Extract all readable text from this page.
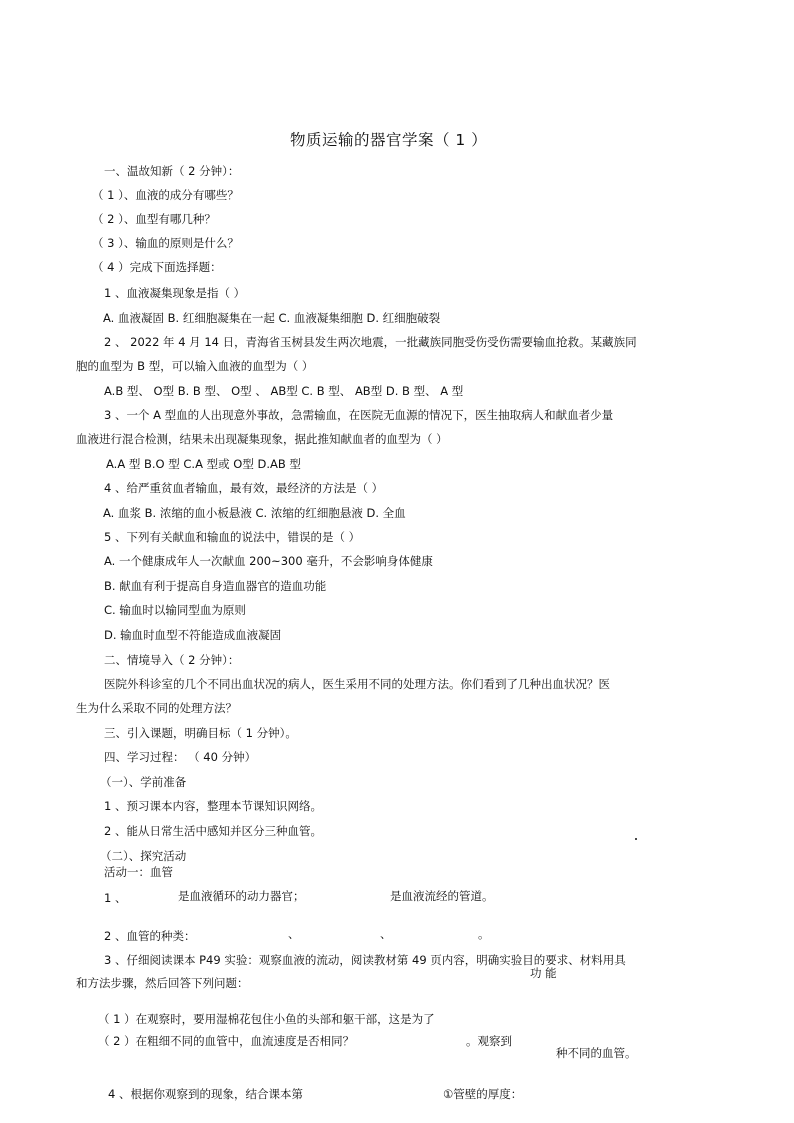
物质运输的器官学案（ 1 ）
一、温故知新（ 2 分钟）：
（ 1 ）、血液的成分有哪些？
（ 2 ）、血型有哪几种？
（ 3 ）、输血的原则是什么？
（ 4 ）完成下面选择题：
1 、血液凝集现象是指（ ）
A. 血液凝固 B. 红细胞凝集在一起 C. 血液凝集细胞 D. 红细胞破裂
2 、 2022 年 4 月 14 日，青海省玉树县发生两次地震，一批藏族同胞受伤受伤需要输血抢救。某藏族同
胞的血型为 B 型，可以输入血液的血型为（ ）
A.B 型、 O型 B. B 型、 O型 、 AB型 C. B 型、 AB型 D. B 型、 A 型
3 、一个 A 型血的人出现意外事故，急需输血，在医院无血源的情况下，医生抽取病人和献血者少量
血液进行混合检测，结果未出现凝集现象，据此推知献血者的血型为（ ）
A.A 型 B.O 型 C.A 型或 O型 D.AB 型
4 、给严重贫血者输血，最有效，最经济的方法是（ ）
A. 血浆 B. 浓缩的血小板悬液 C. 浓缩的红细胞悬液 D. 全血
5 、下列有关献血和输血的说法中，错误的是（ ）
A. 一个健康成年人一次献血 200~300 毫升，不会影响身体健康
B. 献血有利于提高自身造血器官的造血功能
C. 输血时以输同型血为原则
D. 输血时血型不符能造成血液凝固
二、情境导入（ 2 分钟）：
医院外科诊室的几个不同出血状况的病人，医生采用不同的处理方法。你们看到了几种出血状况？医
生为什么采取不同的处理方法？
三、引入课题，明确目标（ 1 分钟）。
四、学习过程： （ 40 分钟）
（一）、学前准备
1 、预习课本内容，整理本节课知识网络。
2 、能从日常生活中感知并区分三种血管。
（二）、探究活动
活动一：血管
1 、	是血液循环的动力器官；	是血液流经的管道。
2 、血管的种类：	、	、	。
3 、仔细阅读课本 P49 实验：观察血液的流动，阅读教材第 49 页内容，明确实验目的要求、材料用具
功 能
和方法步骤，然后回答下列问题：
（ 1 ）在观察时，要用湿棉花包住小鱼的头部和躯干部，这是为了
（ 2 ）在粗细不同的血管中，血流速度是否相同？	。观察到
种不同的血管。
4 、根据你观察到的现象，结合课本第	①管壁的厚度：
